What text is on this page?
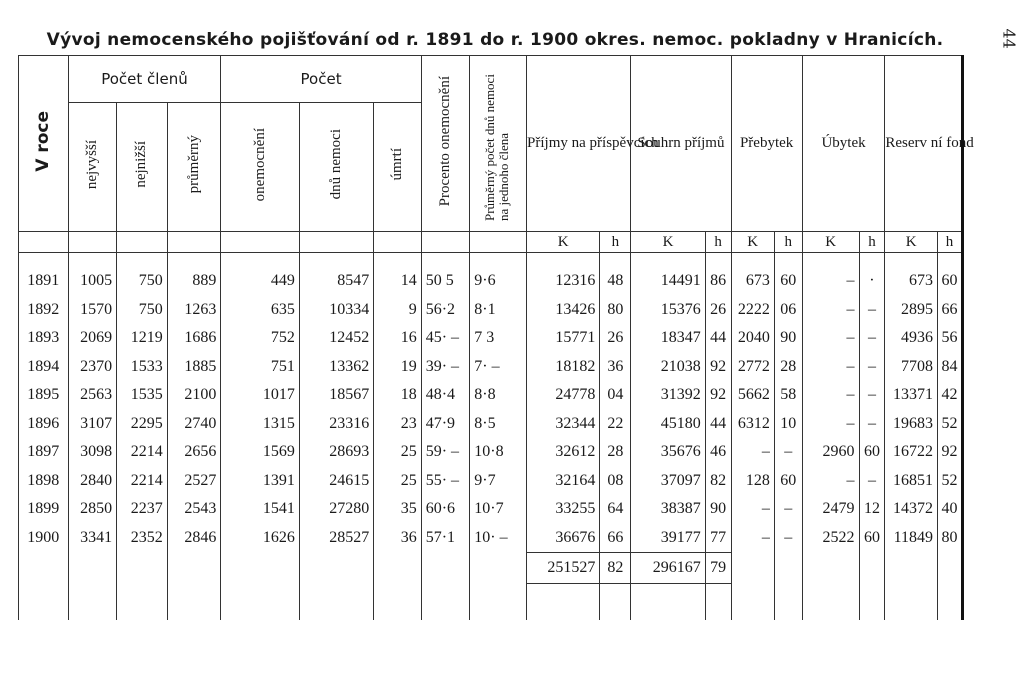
Vývoj nemocenského pojišťování od r. 1891 do r. 1900 okres. nemoc. pokladny v Hranicích.	44
V roce	Počet členů			Počet			Procento onemocnění	Průměrný počet dnů nemoci na jednoho člena	Příjmy na příspěvcích		Souhrn příjmů		Přebytek		Úbytek		Reserv ní fond	
	nejvyšší	nejnižší	průměrný	onemocnění	dnů nemoci	úmrtí												
									K	h	K	h	K	h	K	h	K	h
1891	1005	750	889	449	8547	14	50 5	9·6	12316	48	14491	86	673	60	–	·	673	60
1892	1570	750	1263	635	10334	9	56·2	8·1	13426	80	15376	26	2222	06	–	–	2895	66
1893	2069	1219	1686	752	12452	16	45· –	7 3	15771	26	18347	44	2040	90	–	–	4936	56
1894	2370	1533	1885	751	13362	19	39· –	7· –	18182	36	21038	92	2772	28	–	–	7708	84
1895	2563	1535	2100	1017	18567	18	48·4	8·8	24778	04	31392	92	5662	58	–	–	13371	42
1896	3107	2295	2740	1315	23316	23	47·9	8·5	32344	22	45180	44	6312	10	–	–	19683	52
1897	3098	2214	2656	1569	28693	25	59· –	10·8	32612	28	35676	46	–	–	2960	60	16722	92
1898	2840	2214	2527	1391	24615	25	55· –	9·7	32164	08	37097	82	128	60	–	–	16851	52
1899	2850	2237	2543	1541	27280	35	60·6	10·7	33255	64	38387	90	–	–	2479	12	14372	40
1900	3341	2352	2846	1626	28527	36	57·1	10· –	36676	66	39177	77	–	–	2522	60	11849	80
									251527	82	296167	79						
